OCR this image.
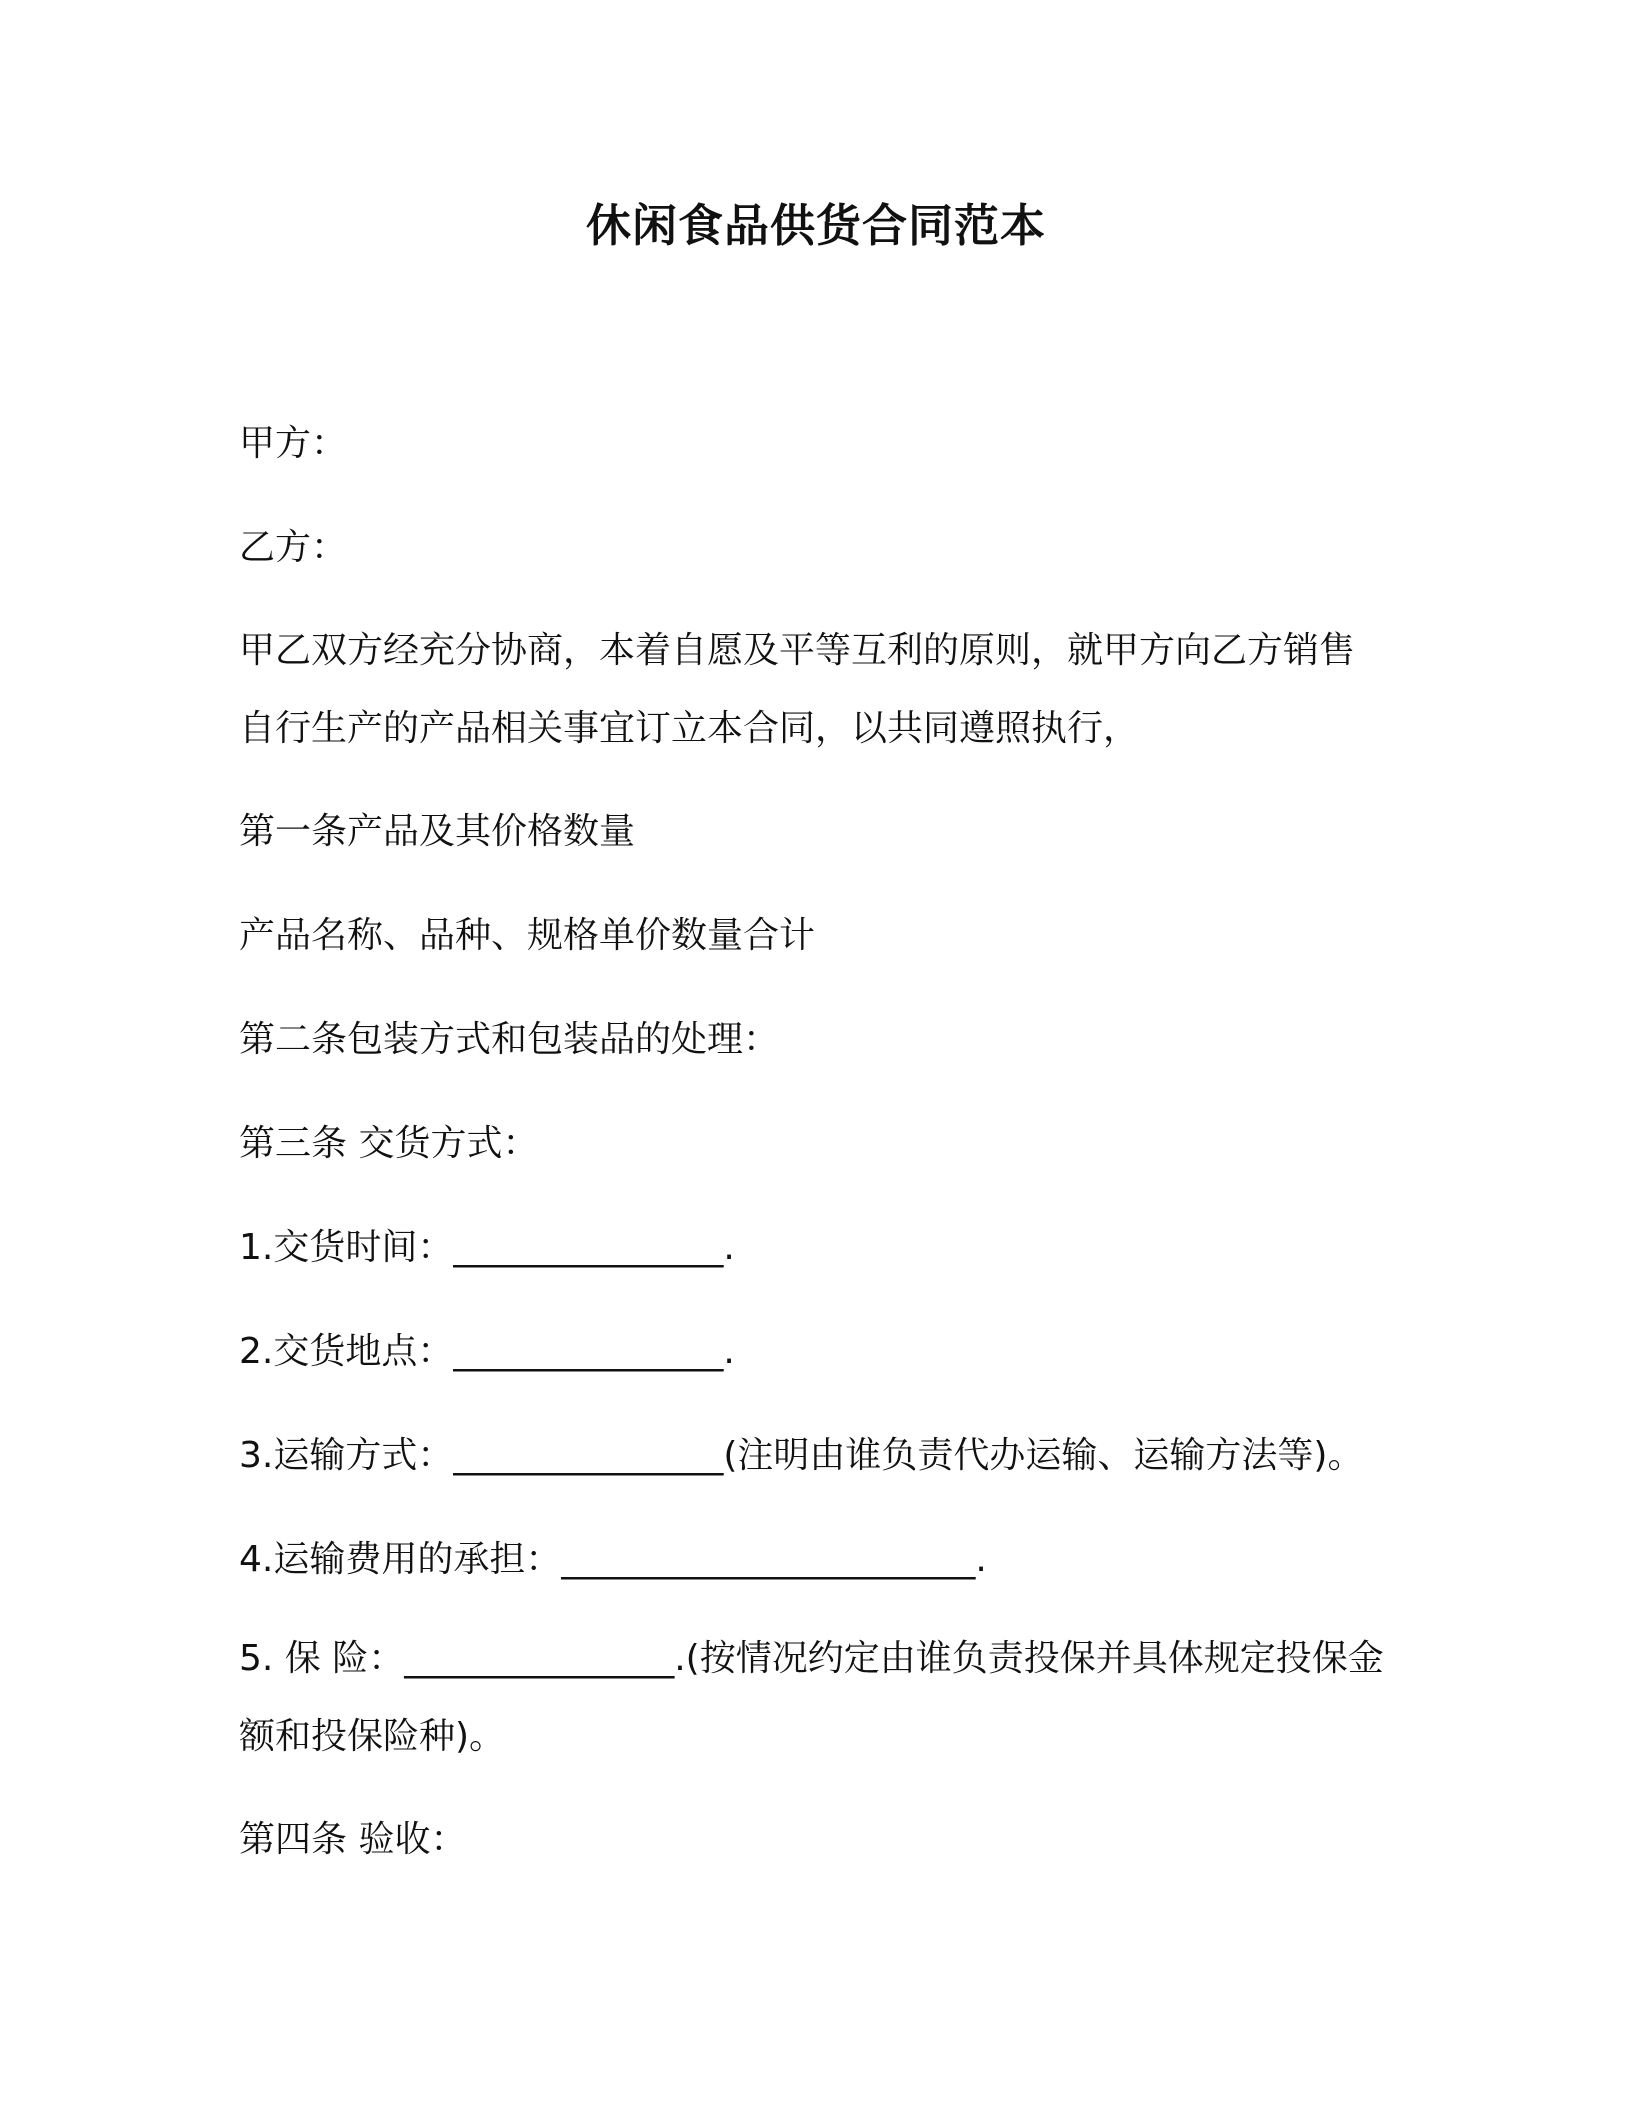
休闲食品供货合同范本
甲方：
乙方：
甲乙双方经充分协商，本着自愿及平等互利的原则，就甲方向乙方销售自行生产的产品相关事宜订立本合同，以共同遵照执行，
第一条产品及其价格数量
产品名称、品种、规格单价数量合计
第二条包装方式和包装品的处理：
第三条 交货方式：
1.交货时间：_______________.
2.交货地点：_______________.
3.运输方式：_______________(注明由谁负责代办运输、运输方法等)。
4.运输费用的承担：_______________________.
5. 保 险：_______________.(按情况约定由谁负责投保并具体规定投保金额和投保险种)。
第四条 验收：
